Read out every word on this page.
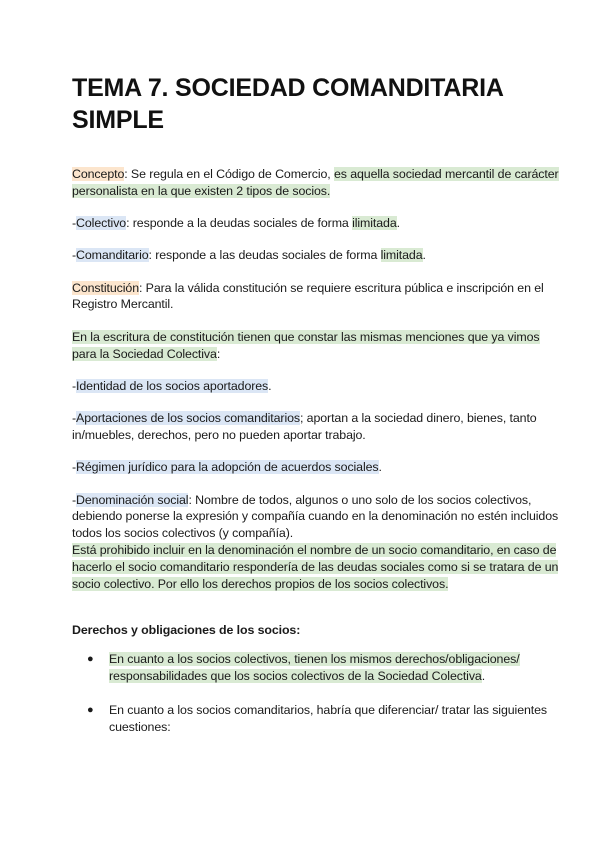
TEMA 7. SOCIEDAD COMANDITARIA SIMPLE

Concepto: Se regula en el Código de Comercio, es aquella sociedad mercantil de carácter personalista en la que existen 2 tipos de socios.

-Colectivo: responde a la deudas sociales de forma ilimitada.

-Comanditario: responde a las deudas sociales de forma limitada.

Constitución: Para la válida constitución se requiere escritura pública e inscripción en el Registro Mercantil.

En la escritura de constitución tienen que constar las mismas menciones que ya vimos para la Sociedad Colectiva:

-Identidad de los socios aportadores.

-Aportaciones de los socios comanditarios; aportan a la sociedad dinero, bienes, tanto in/muebles, derechos, pero no pueden aportar trabajo.

-Régimen jurídico para la adopción de acuerdos sociales.

-Denominación social: Nombre de todos, algunos o uno solo de los socios colectivos, debiendo ponerse la expresión y compañía cuando en la denominación no estén incluidos todos los socios colectivos (y compañía).

Está prohibido incluir en la denominación el nombre de un socio comanditario, en caso de hacerlo el socio comanditario respondería de las deudas sociales como si se tratara de un socio colectivo. Por ello los derechos propios de los socios colectivos.

Derechos y obligaciones de los socios:
● En cuanto a los socios colectivos, tienen los mismos derechos/obligaciones/ responsabilidades que los socios colectivos de la Sociedad Colectiva.
● En cuanto a los socios comanditarios, habría que diferenciar/ tratar las siguientes cuestiones:
